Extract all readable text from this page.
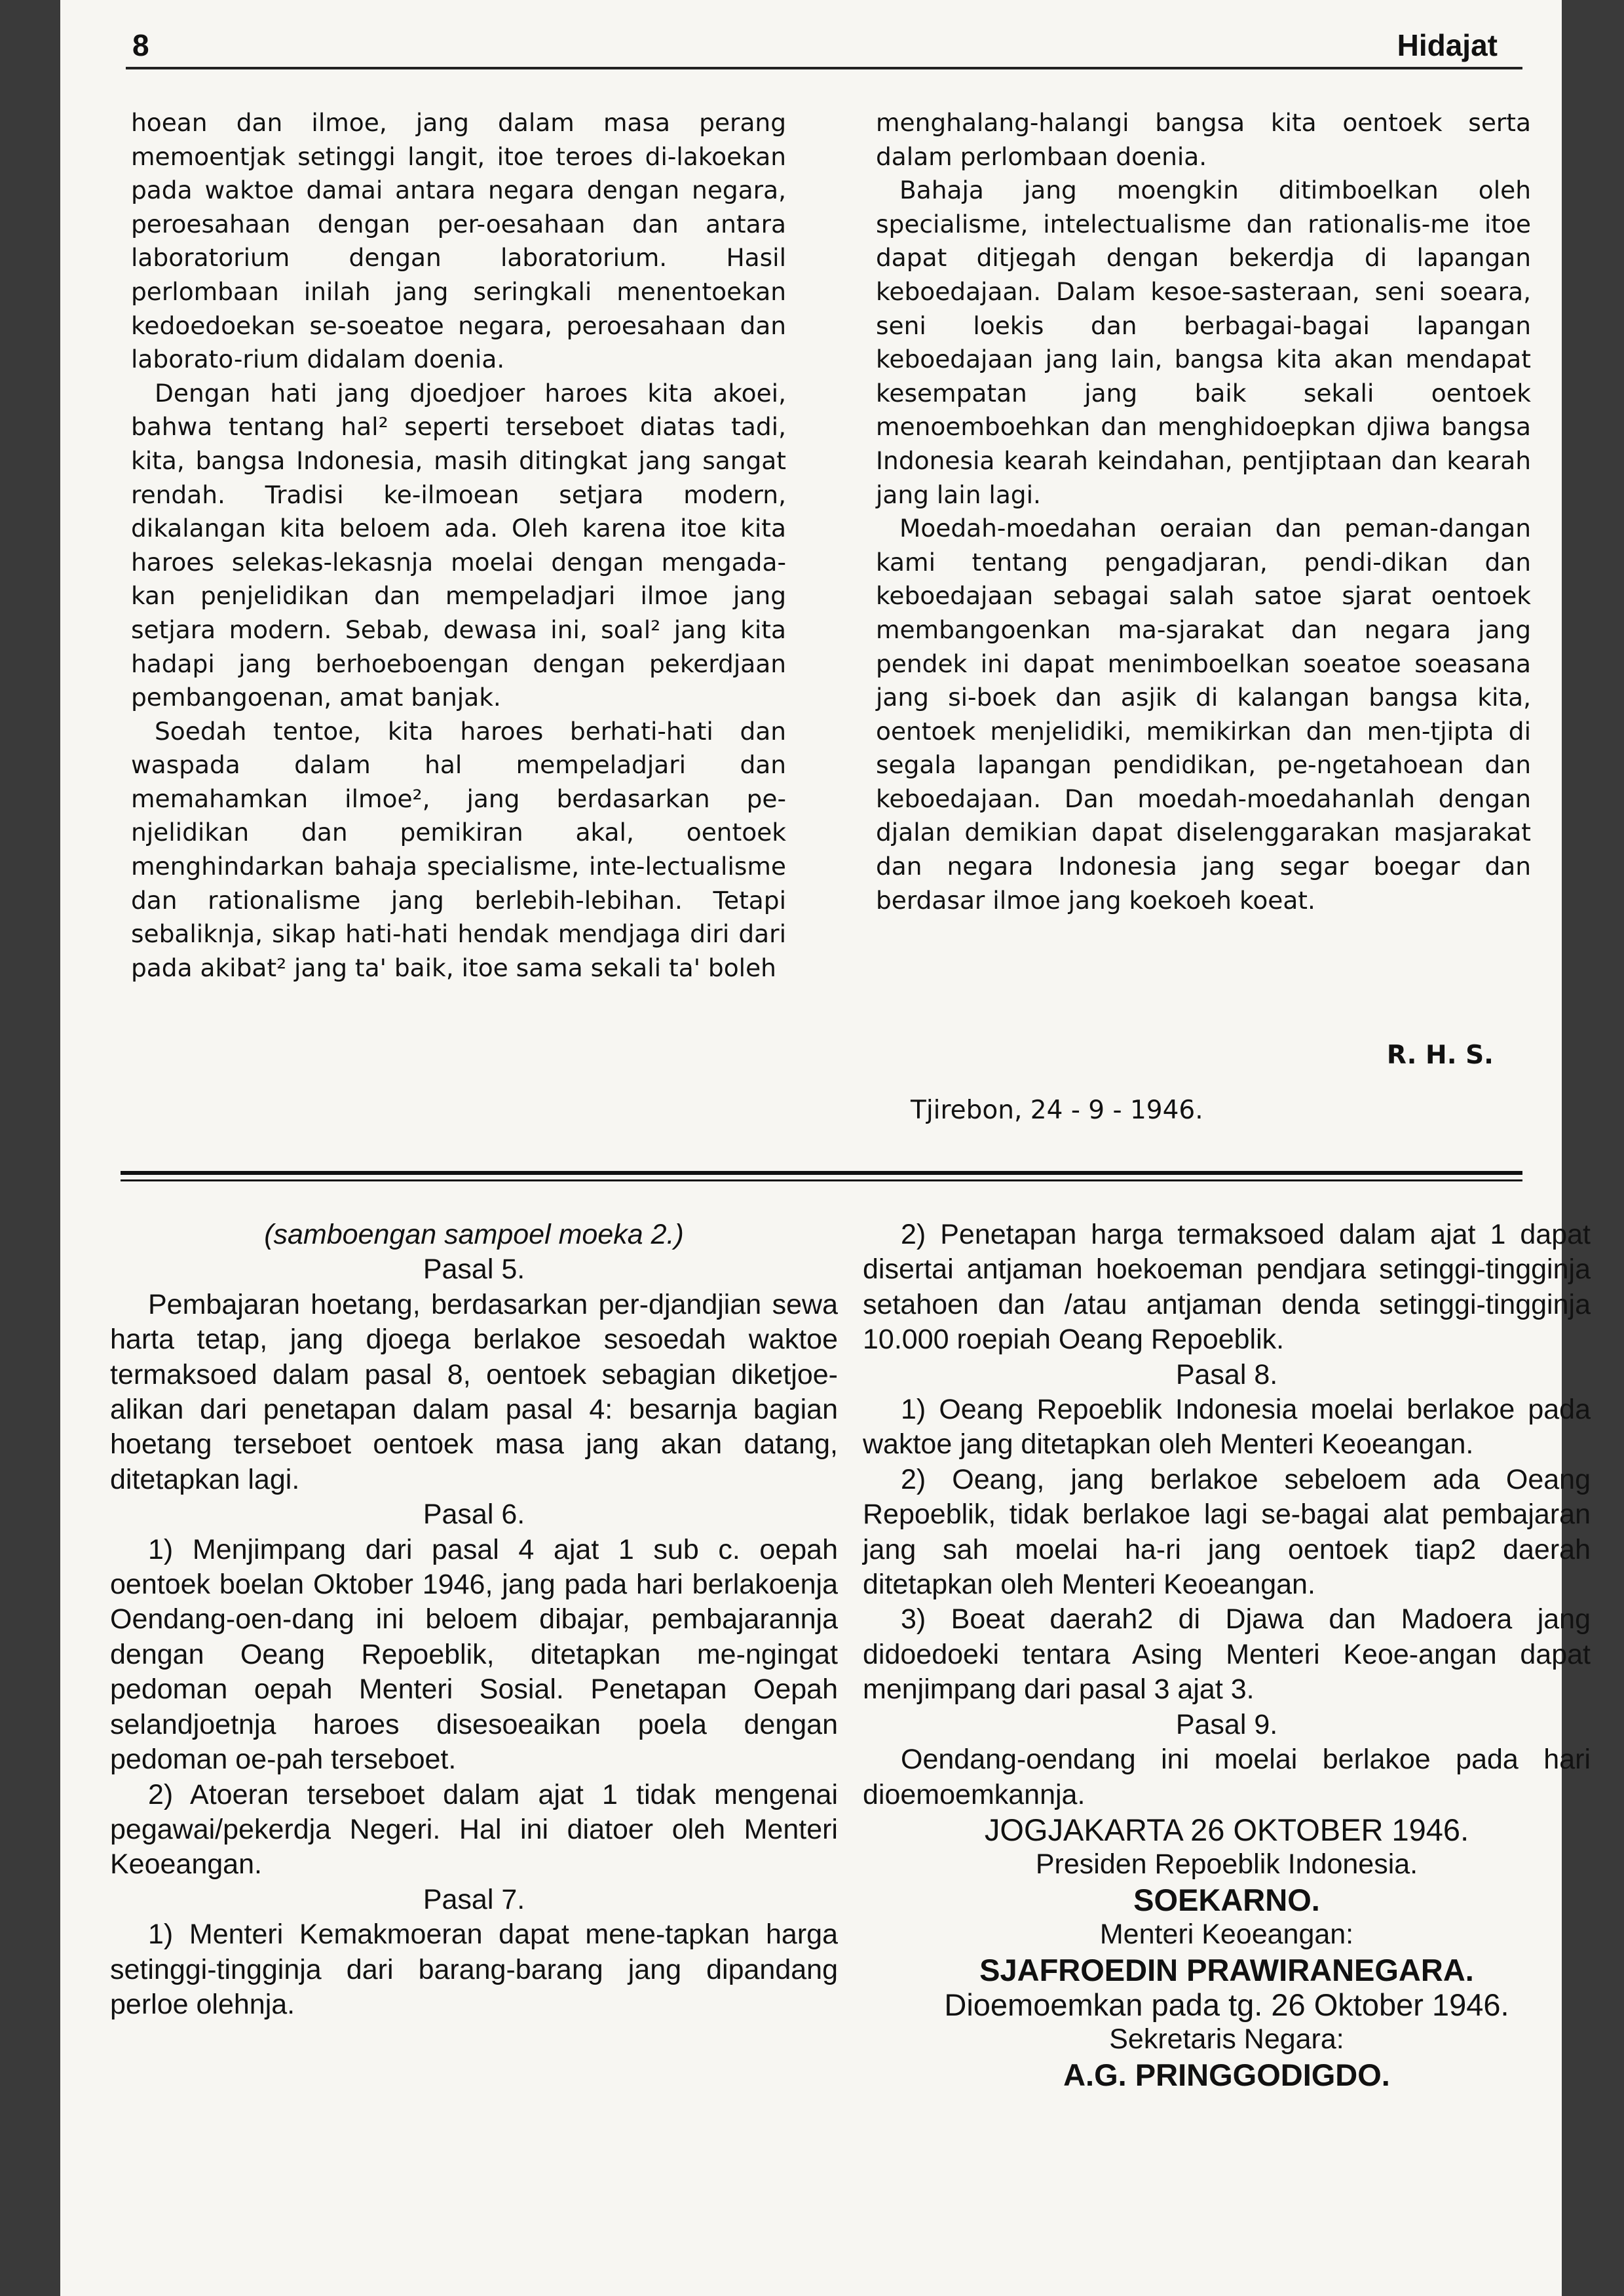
8	Hidajat

hoean dan ilmoe, jang dalam masa perang memoentjak setinggi langit, itoe teroes di-lakoekan pada waktoe damai antara negara dengan negara, peroesahaan dengan per-oesahaan dan antara laboratorium dengan laboratorium. Hasil perlombaan inilah jang seringkali menentoekan kedoedoekan se-soeatoe negara, peroesahaan dan laborato-rium didalam doenia.

Dengan hati jang djoedjoer haroes kita akoei, bahwa tentang hal² seperti terseboet diatas tadi, kita, bangsa Indonesia, masih ditingkat jang sangat rendah. Tradisi ke-ilmoean setjara modern, dikalangan kita beloem ada. Oleh karena itoe kita haroes selekas-lekasnja moelai dengan mengada-kan penjelidikan dan mempeladjari ilmoe jang setjara modern. Sebab, dewasa ini, soal² jang kita hadapi jang berhoeboengan dengan pekerdjaan pembangoenan, amat banjak.

Soedah tentoe, kita haroes berhati-hati dan waspada dalam hal mempeladjari dan memahamkan ilmoe², jang berdasarkan pe-njelidikan dan pemikiran akal, oentoek menghindarkan bahaja specialisme, inte-lectualisme dan rationalisme jang berlebih-lebihan. Tetapi sebaliknja, sikap hati-hati hendak mendjaga diri dari pada akibat² jang ta' baik, itoe sama sekali ta' boleh

menghalang-halangi bangsa kita oentoek serta dalam perlombaan doenia.

Bahaja jang moengkin ditimboelkan oleh specialisme, intelectualisme dan rationalis-me itoe dapat ditjegah dengan bekerdja di lapangan keboedajaan. Dalam kesoe-sasteraan, seni soeara, seni loekis dan berbagai-bagai lapangan keboedajaan jang lain, bangsa kita akan mendapat kesempatan jang baik sekali oentoek menoemboehkan dan menghidoepkan djiwa bangsa Indonesia kearah keindahan, pentjiptaan dan kearah jang lain lagi.

Moedah-moedahan oeraian dan peman-dangan kami tentang pengadjaran, pendi-dikan dan keboedajaan sebagai salah satoe sjarat oentoek membangoenkan ma-sjarakat dan negara jang pendek ini dapat menimboelkan soeatoe soeasana jang si-boek dan asjik di kalangan bangsa kita, oentoek menjelidiki, memikirkan dan men-tjipta di segala lapangan pendidikan, pe-ngetahoean dan keboedajaan. Dan moedah-moedahanlah dengan djalan demikian dapat diselenggarakan masjarakat dan negara Indonesia jang segar boegar dan berdasar ilmoe jang koekoeh koeat.

R. H. S.
Tjirebon, 24 - 9 - 1946.

(samboengan sampoel moeka 2.)

Pasal 5.

Pembajaran hoetang, berdasarkan per-djandjian sewa harta tetap, jang djoega berlakoe sesoedah waktoe termaksoed dalam pasal 8, oentoek sebagian diketjoe-alikan dari penetapan dalam pasal 4: besarnja bagian hoetang terseboet oentoek masa jang akan datang, ditetapkan lagi.

Pasal 6.

1) Menjimpang dari pasal 4 ajat 1 sub c. oepah oentoek boelan Oktober 1946, jang pada hari berlakoenja Oendang-oen-dang ini beloem dibajar, pembajarannja dengan Oeang Repoeblik, ditetapkan me-ngingat pedoman oepah Menteri Sosial. Penetapan Oepah selandjoetnja haroes disesoeaikan poela dengan pedoman oe-pah terseboet.

2) Atoeran terseboet dalam ajat 1 tidak mengenai pegawai/pekerdja Negeri. Hal ini diatoer oleh Menteri Keoeangan.

Pasal 7.

1) Menteri Kemakmoeran dapat mene-tapkan harga setinggi-tingginja dari barang-barang jang dipandang perloe olehnja.

2) Penetapan harga termaksoed dalam ajat 1 dapat disertai antjaman hoekoeman pendjara setinggi-tingginja setahoen dan /atau antjaman denda setinggi-tingginja 10.000 roepiah Oeang Repoeblik.

Pasal 8.

1) Oeang Repoeblik Indonesia moelai berlakoe pada waktoe jang ditetapkan oleh Menteri Keoeangan.

2) Oeang, jang berlakoe sebeloem ada Oeang Repoeblik, tidak berlakoe lagi se-bagai alat pembajaran jang sah moelai ha-ri jang oentoek tiap2 daerah ditetapkan oleh Menteri Keoeangan.

3) Boeat daerah2 di Djawa dan Madoera jang didoedoeki tentara Asing Menteri Keoe-angan dapat menjimpang dari pasal 3 ajat 3.

Pasal 9.

Oendang-oendang ini moelai berlakoe pada hari dioemoemkannja.

JOGJAKARTA 26 OKTOBER 1946.

Presiden Repoeblik Indonesia.

SOEKARNO.

Menteri Keoeangan:

SJAFROEDIN PRAWIRANEGARA.

Dioemoemkan pada tg. 26 Oktober 1946.

Sekretaris Negara:

A.G. PRINGGODIGDO.
